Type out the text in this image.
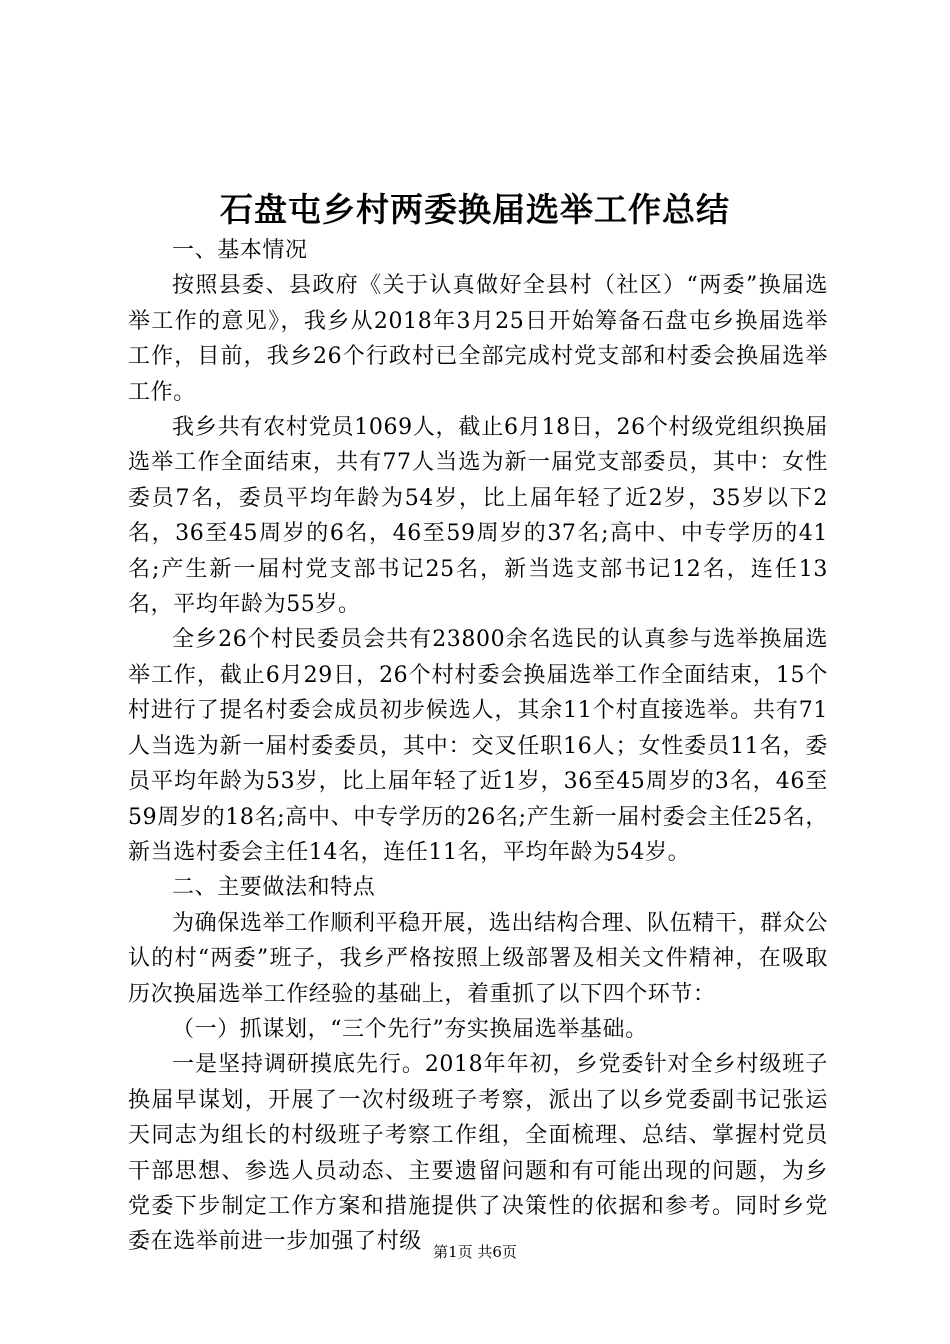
石盘屯乡村两委换届选举工作总结

一、基本情况

按照县委、县政府《关于认真做好全县村（社区）“两委”换届选举工作的意见》，我乡从2018年3月25日开始筹备石盘屯乡换届选举工作，目前，我乡26个行政村已全部完成村党支部和村委会换届选举工作。

我乡共有农村党员1069人，截止6月18日，26个村级党组织换届选举工作全面结束，共有77人当选为新一届党支部委员，其中：女性委员7名，委员平均年龄为54岁，比上届年轻了近2岁，35岁以下2名，36至45周岁的6名，46至59周岁的37名;高中、中专学历的41名;产生新一届村党支部书记25名，新当选支部书记12名，连任13名，平均年龄为55岁。

全乡26个村民委员会共有23800余名选民的认真参与选举换届选举工作，截止6月29日，26个村村委会换届选举工作全面结束，15个村进行了提名村委会成员初步候选人，其余11个村直接选举。共有71人当选为新一届村委委员，其中：交叉任职16人；女性委员11名，委员平均年龄为53岁，比上届年轻了近1岁，36至45周岁的3名，46至59周岁的18名;高中、中专学历的26名;产生新一届村委会主任25名，新当选村委会主任14名，连任11名，平均年龄为54岁。

二、主要做法和特点

为确保选举工作顺利平稳开展，选出结构合理、队伍精干，群众公认的村“两委”班子，我乡严格按照上级部署及相关文件精神，在吸取历次换届选举工作经验的基础上，着重抓了以下四个环节：

（一）抓谋划，“三个先行”夯实换届选举基础。

一是坚持调研摸底先行。2018年年初，乡党委针对全乡村级班子换届早谋划，开展了一次村级班子考察，派出了以乡党委副书记张运天同志为组长的村级班子考察工作组，全面梳理、总结、掌握村党员干部思想、参选人员动态、主要遗留问题和有可能出现的问题，为乡党委下步制定工作方案和措施提供了决策性的依据和参考。同时乡党委在选举前进一步加强了村级 第1页 共6页
